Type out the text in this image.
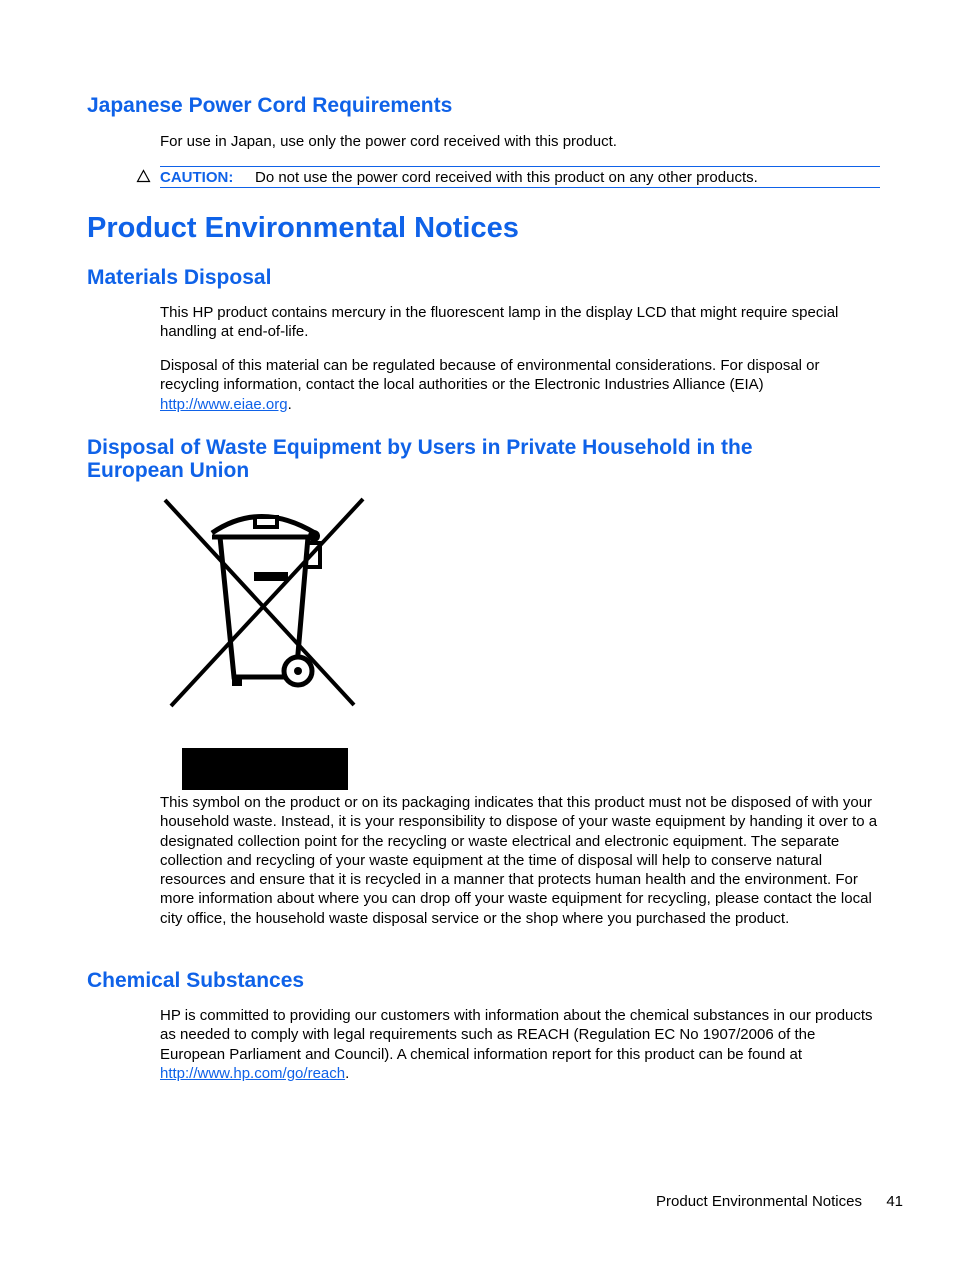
Japanese Power Cord Requirements

For use in Japan, use only the power cord received with this product.

CAUTION: Do not use the power cord received with this product on any other products.
Product Environmental Notices
Materials Disposal

This HP product contains mercury in the fluorescent lamp in the display LCD that might require special handling at end-of-life.

Disposal of this material can be regulated because of environmental considerations. For disposal or recycling information, contact the local authorities or the Electronic Industries Alliance (EIA)
http://www.eiae.org.

Disposal of Waste Equipment by Users in Private Household in the
European Union

This symbol on the product or on its packaging indicates that this product must not be disposed of with your household waste. Instead, it is your responsibility to dispose of your waste equipment by handing it over to a designated collection point for the recycling or waste electrical and electronic equipment. The separate collection and recycling of your waste equipment at the time of disposal will help to conserve natural resources and ensure that it is recycled in a manner that protects human health and the environment. For more information about where you can drop off your waste equipment for recycling, please contact the local city office, the household waste disposal service or the shop where you purchased the product.

Chemical Substances

HP is committed to providing our customers with information about the chemical substances in our products as needed to comply with legal requirements such as REACH (Regulation EC No 1907/2006 of the European Parliament and Council). A chemical information report for this product can be found at http://www.hp.com/go/reach.

Product Environmental Notices 41
